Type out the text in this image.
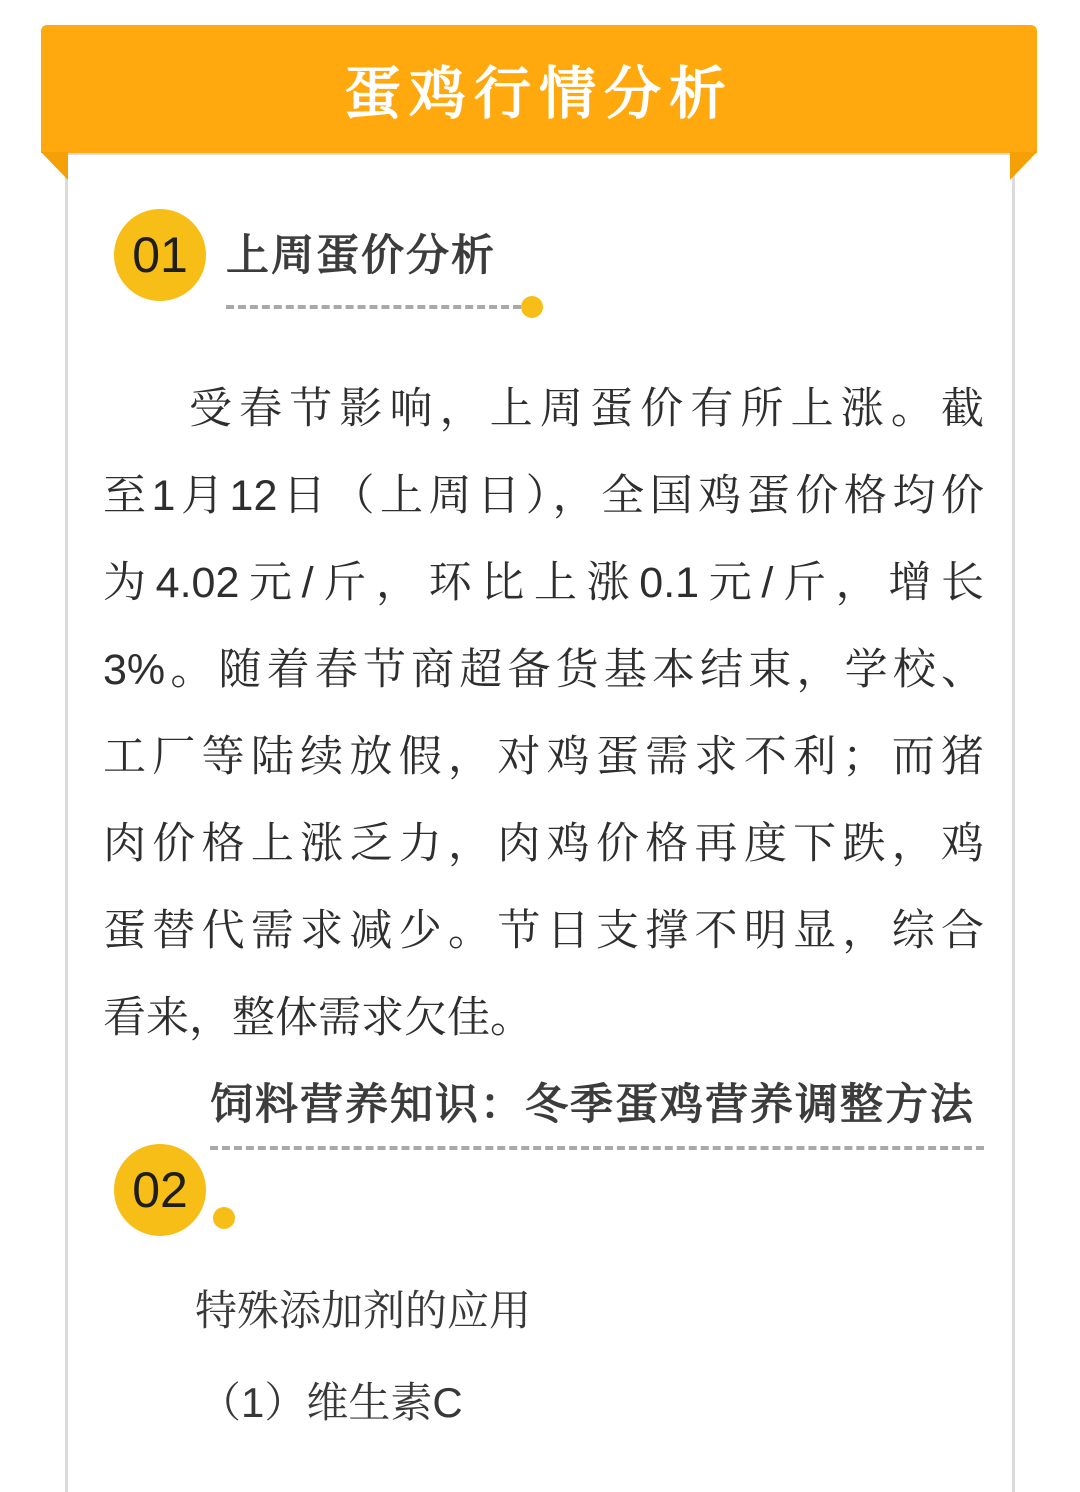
蛋鸡行情分析
01 上周蛋价分析
受春节影响，上周蛋价有所上涨。截
至1月12日（上周日），全国鸡蛋价格均价
为4.02元/斤，环比上涨0.1元/斤，增长
3%。随着春节商超备货基本结束，学校、
工厂等陆续放假，对鸡蛋需求不利；而猪
肉价格上涨乏力，肉鸡价格再度下跌，鸡
蛋替代需求减少。节日支撑不明显，综合
看来，整体需求欠佳。
饲料营养知识：冬季蛋鸡营养调整方法
02
特殊添加剂的应用
（1）维生素C
